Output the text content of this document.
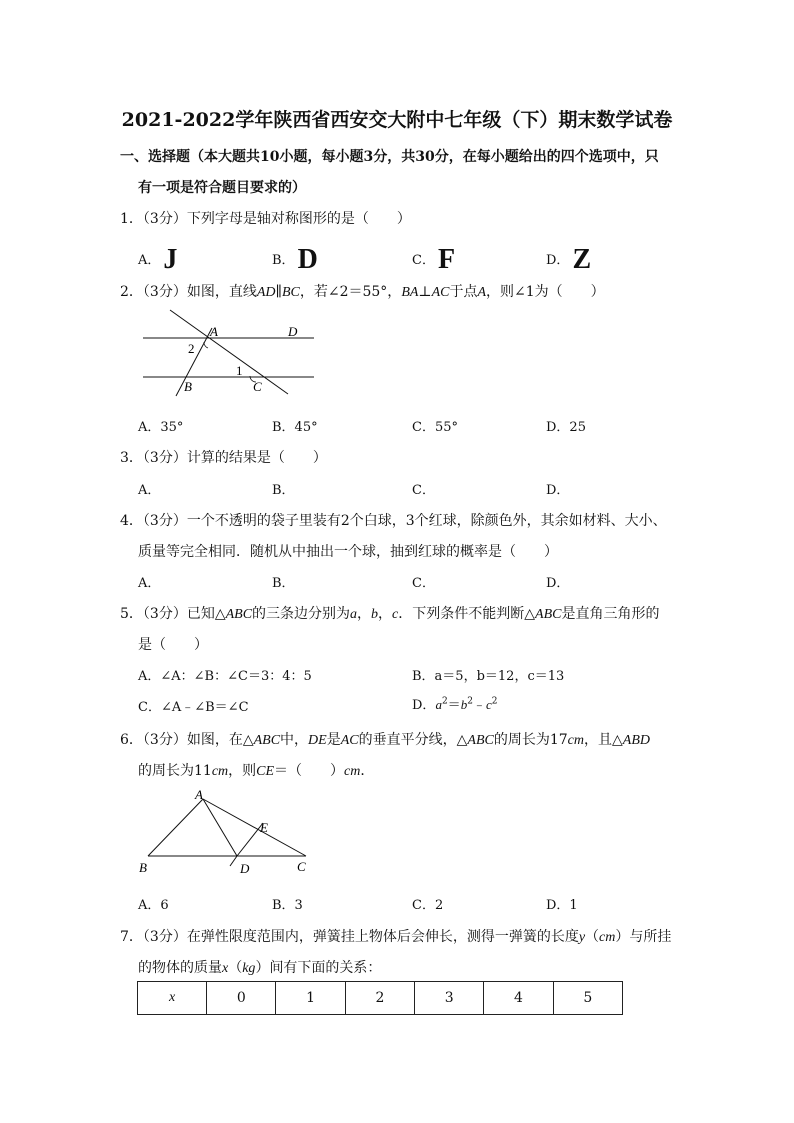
2021-2022学年陕西省西安交大附中七年级（下）期末数学试卷
一、选择题（本大题共10小题，每小题3分，共30分，在每小题给出的四个选项中，只
有一项是符合题目要求的）
1．（3分）下列字母是轴对称图形的是（　　）
A． J	B． D	C． F	D． Z
2．（3分）如图，直线AD∥BC，若∠2＝55°，BA⊥AC于点A，则∠1为（　　）
A	D
2
1
B	C
A．35°	B．45°	C．55°	D．25
3．（3分）计算的结果是（　　）
A．	B．	C．	D．
4．（3分）一个不透明的袋子里装有2个白球，3个红球，除颜色外，其余如材料、大小、
质量等完全相同．随机从中抽出一个球，抽到红球的概率是（　　）
A．	B．	C．	D．
5．（3分）已知△ABC的三条边分别为a，b，c．下列条件不能判断△ABC是直角三角形的
是（　　）
A．∠A：∠B：∠C＝3：4：5	B．a＝5，b＝12，c＝13
C．∠A﹣∠B＝∠C	D．$a^2=b^2﹣c^2$
6．（3分）如图，在△ABC中，DE是AC的垂直平分线，△ABC的周长为17cm，且△ABD
的周长为11cm，则CE＝（　　）cm．
A
E
B	D	C
A．6	B．3	C．2	D．1
7．（3分）在弹性限度范围内，弹簧挂上物体后会伸长，测得一弹簧的长度y（cm）与所挂
的物体的质量x（kg）间有下面的关系：
x	0	1	2	3	4	5
